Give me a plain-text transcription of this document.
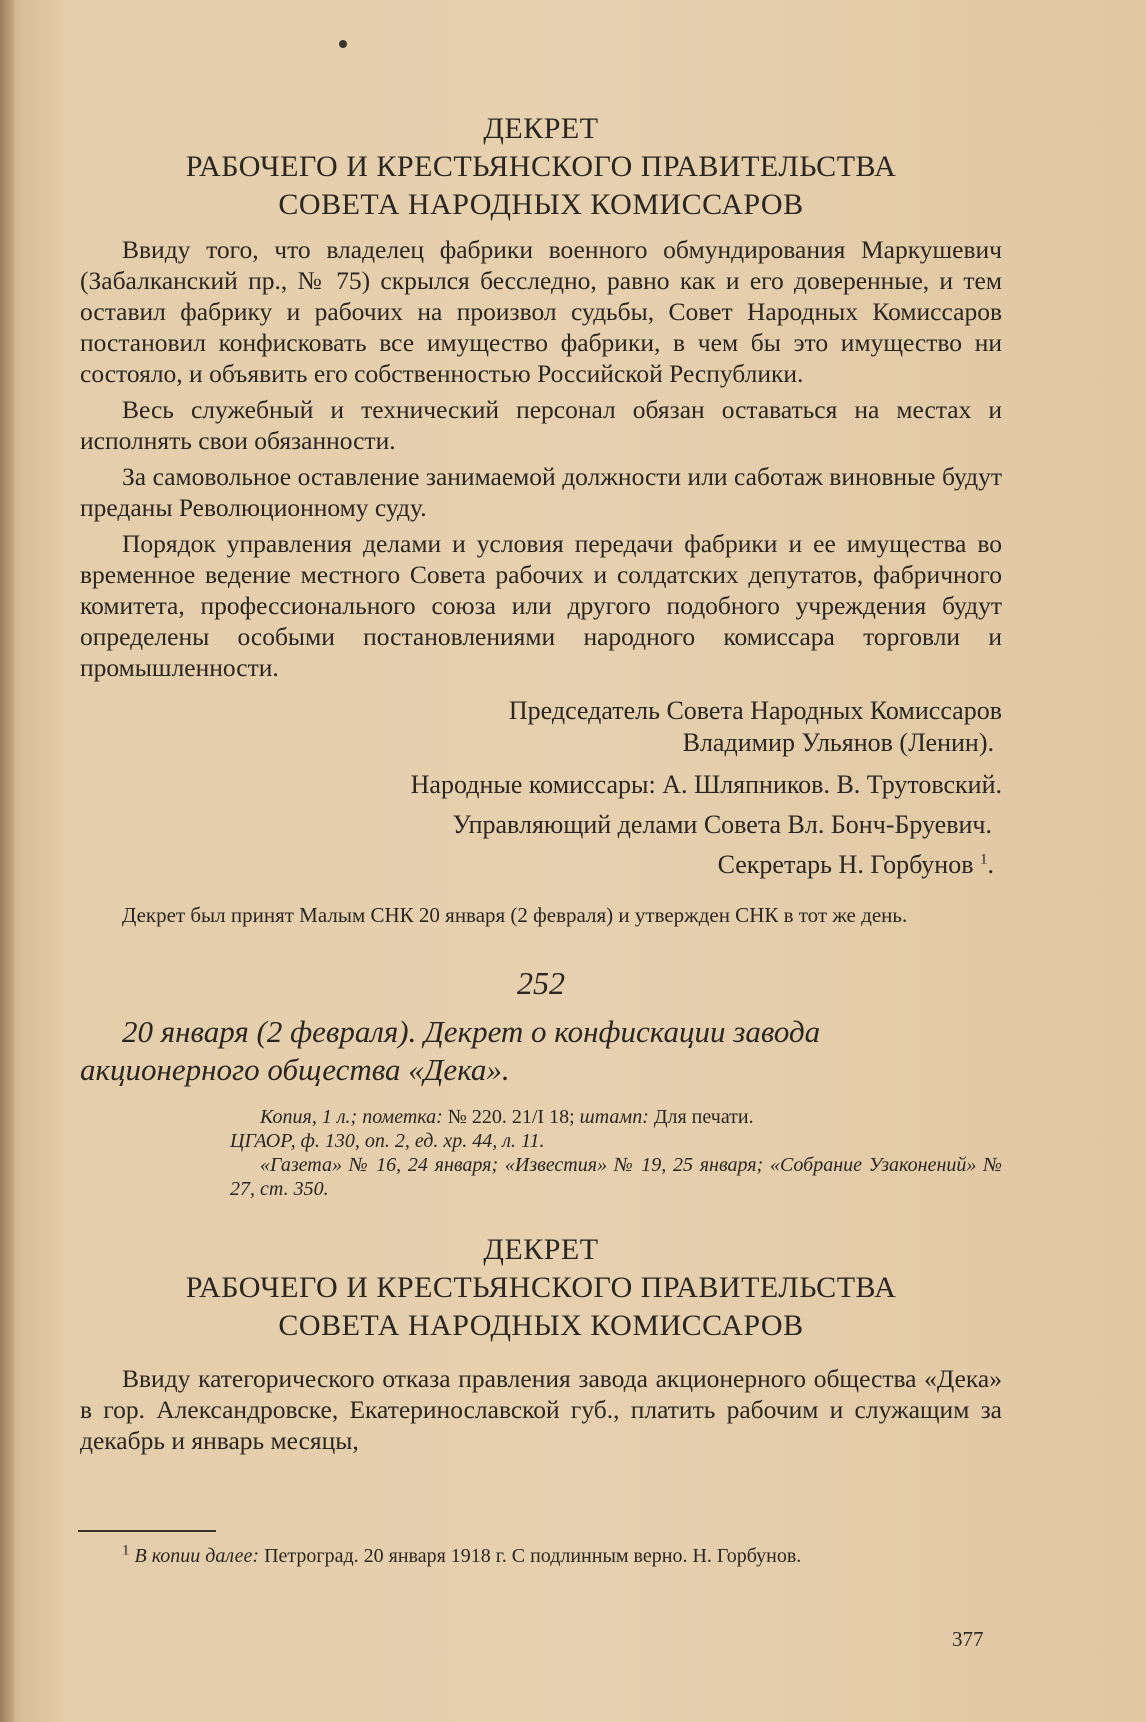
ДЕКРЕТ

РАБОЧЕГО И КРЕСТЬЯНСКОГО ПРАВИТЕЛЬСТВА

СОВЕТА НАРОДНЫХ КОМИССАРОВ

Ввиду того, что владелец фабрики военного обмундирования Маркушевич (Забалканский пр., № 75) скрылся бесследно, равно как и его доверенные, и тем оставил фабрику и рабочих на произвол судьбы, Совет Народных Комиссаров постановил конфисковать все имущество фабрики, в чем бы это имущество ни состояло, и объявить его собственностью Российской Республики.

Весь служебный и технический персонал обязан оставаться на местах и исполнять свои обязанности.

За самовольное оставление занимаемой должности или саботаж виновные будут преданы Революционному суду.

Порядок управления делами и условия передачи фабрики и ее имущества во временное ведение местного Совета рабочих и солдатских депутатов, фабричного комитета, профессионального союза или другого подобного учреждения будут определены особыми постановлениями народного комиссара торговли и промышленности.

Председатель Совета Народных Комиссаров

Владимир Ульянов (Ленин).

Народные комиссары: А. Шляпников. В. Трутовский.

Управляющий делами Совета Вл. Бонч-Бруевич.

Секретарь Н. Горбунов $^1$.

Декрет был принят Малым СНК 20 января (2 февраля) и утвержден СНК в тот же день.

252

20 января (2 февраля). Декрет о конфискации завода акционерного общества «Дека».

Копия, 1 л.; пометка: № 220. 21/I 18; штамп: Для печати.
ЦГАОР, ф. 130, оп. 2, ед. хр. 44, л. 11.
«Газета» № 16, 24 января; «Известия» № 19, 25 января; «Собрание Узаконений» № 27, ст. 350.

ДЕКРЕТ

РАБОЧЕГО И КРЕСТЬЯНСКОГО ПРАВИТЕЛЬСТВА

СОВЕТА НАРОДНЫХ КОМИССАРОВ

Ввиду категорического отказа правления завода акционерного общества «Дека» в гор. Александровске, Екатеринославской губ., платить рабочим и служащим за декабрь и январь месяцы,

$^1$ В копии далее: Петроград. 20 января 1918 г. С подлинным верно. Н. Горбунов.

377
